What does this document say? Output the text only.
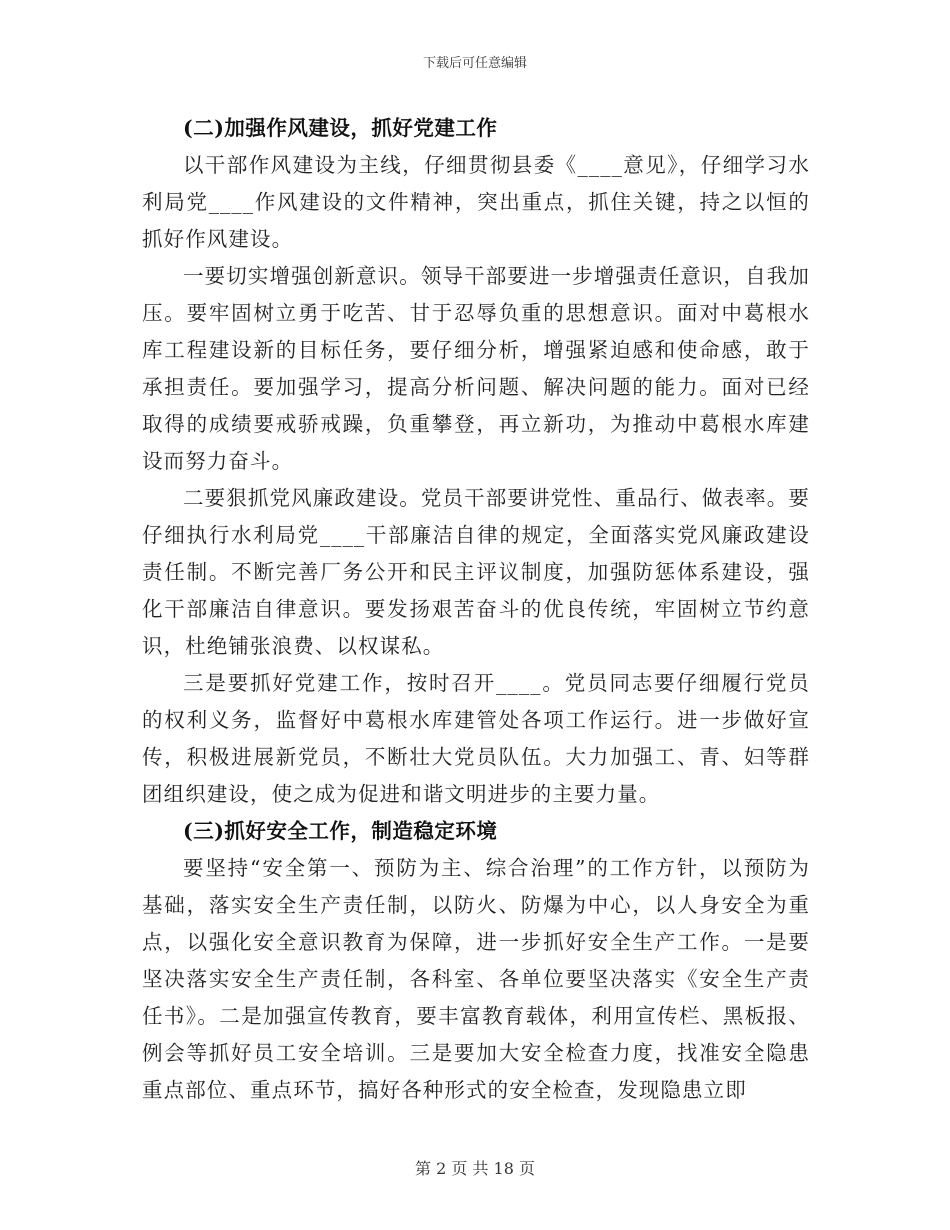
下载后可任意编辑

(二)加强作风建设，抓好党建工作

以干部作风建设为主线，仔细贯彻县委《____意见》，仔细学习水利局党____作风建设的文件精神，突出重点，抓住关键，持之以恒的抓好作风建设。

一要切实增强创新意识。领导干部要进一步增强责任意识，自我加压。要牢固树立勇于吃苦、甘于忍辱负重的思想意识。面对中葛根水库工程建设新的目标任务，要仔细分析，增强紧迫感和使命感，敢于承担责任。要加强学习，提高分析问题、解决问题的能力。面对已经取得的成绩要戒骄戒躁，负重攀登，再立新功，为推动中葛根水库建设而努力奋斗。

二要狠抓党风廉政建设。党员干部要讲党性、重品行、做表率。要仔细执行水利局党____干部廉洁自律的规定，全面落实党风廉政建设责任制。不断完善厂务公开和民主评议制度，加强防惩体系建设，强化干部廉洁自律意识。要发扬艰苦奋斗的优良传统，牢固树立节约意识，杜绝铺张浪费、以权谋私。

三是要抓好党建工作，按时召开____。党员同志要仔细履行党员的权利义务，监督好中葛根水库建管处各项工作运行。进一步做好宣传，积极进展新党员，不断壮大党员队伍。大力加强工、青、妇等群团组织建设，使之成为促进和谐文明进步的主要力量。

(三)抓好安全工作，制造稳定环境

要坚持“安全第一、预防为主、综合治理”的工作方针，以预防为基础，落实安全生产责任制，以防火、防爆为中心，以人身安全为重点，以强化安全意识教育为保障，进一步抓好安全生产工作。一是要坚决落实安全生产责任制，各科室、各单位要坚决落实《安全生产责任书》。二是加强宣传教育，要丰富教育载体，利用宣传栏、黑板报、例会等抓好员工安全培训。三是要加大安全检查力度，找准安全隐患重点部位、重点环节，搞好各种形式的安全检查，发现隐患立即

第 2 页 共 18 页
